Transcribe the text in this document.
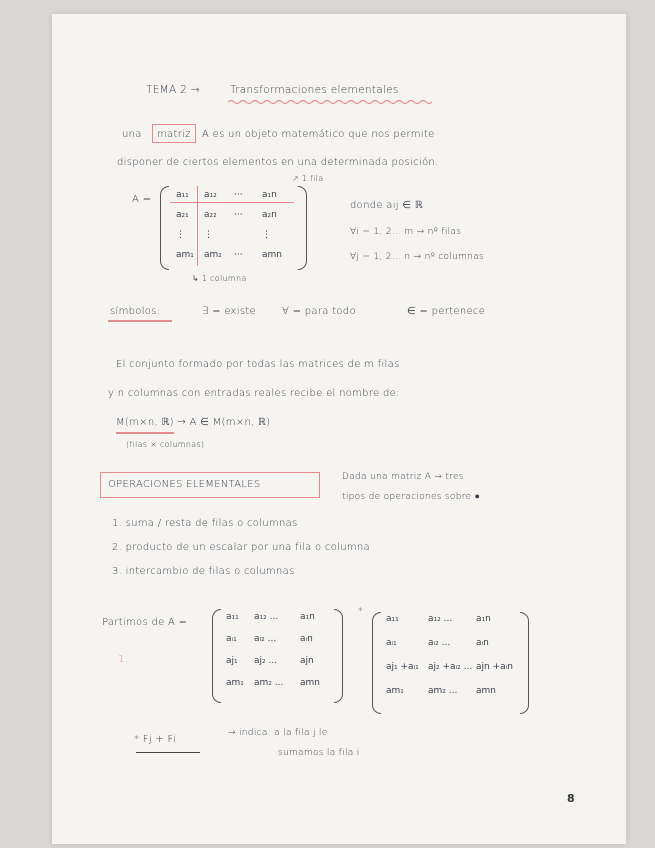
TEMA 2 →	Transformaciones elementales
una matriz A es un objeto matemático que nos permite
disponer de ciertos elementos en una determinada posición.
A =	a₁₁ a₁₂ ··· a₁n
a₂₁ a₂₂ ··· a₂n
⋮ ⋮	⋮
am₁ am₂ ··· amn
↗ 1 fila
↳ 1 columna
donde aij ∈ ℝ
∀i = 1, 2... m → nº filas
∀j = 1, 2... n → nº columnas
símbolos:	∃ = existe	∀ = para todo	∈ = pertenece
El conjunto formado por todas las matrices de m filas
y n columnas con entradas reales recibe el nombre de:
M(m×n, ℝ) → A ∈ M(m×n, ℝ)
(filas × columnas)
OPERACIONES ELEMENTALES
Dada una matriz A → tres
tipos de operaciones sobre ●
1. suma / resta de filas o columnas
2. producto de un escalar por una fila o columna
3. intercambio de filas o columnas
Partimos de A =
1.
a₁₁ a₁₂ ... a₁n
aᵢ₁ aᵢ₂ ...	aᵢn
aj₁ aj₂ ...	ajn
am₁ am₂ ... amn
*
a₁₁	a₁₂ ...	a₁n
aᵢ₁	aᵢ₂ ...	aᵢn
aj₁ +aᵢ₁ aj₂ +aᵢ₂ ... ajn +aᵢn
am₁	am₂ ... amn
* Fj + Fi
→ indica: a la fila j le
sumamos la fila i
8
